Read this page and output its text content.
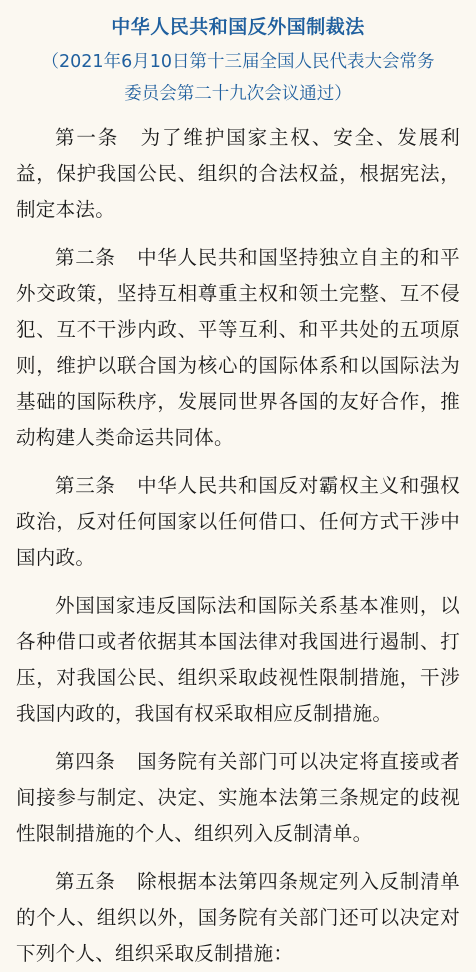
中华人民共和国反外国制裁法
（2021年6月10日第十三届全国人民代表大会常务
委员会第二十九次会议通过）

第一条 为了维护国家主权、安全、发展利益，保护我国公民、组织的合法权益，根据宪法，制定本法。

第二条 中华人民共和国坚持独立自主的和平外交政策，坚持互相尊重主权和领土完整、互不侵犯、互不干涉内政、平等互利、和平共处的五项原则，维护以联合国为核心的国际体系和以国际法为基础的国际秩序，发展同世界各国的友好合作，推动构建人类命运共同体。

第三条 中华人民共和国反对霸权主义和强权政治，反对任何国家以任何借口、任何方式干涉中国内政。

外国国家违反国际法和国际关系基本准则，以各种借口或者依据其本国法律对我国进行遏制、打压，对我国公民、组织采取歧视性限制措施，干涉我国内政的，我国有权采取相应反制措施。

第四条 国务院有关部门可以决定将直接或者间接参与制定、决定、实施本法第三条规定的歧视性限制措施的个人、组织列入反制清单。

第五条 除根据本法第四条规定列入反制清单的个人、组织以外，国务院有关部门还可以决定对下列个人、组织采取反制措施：
